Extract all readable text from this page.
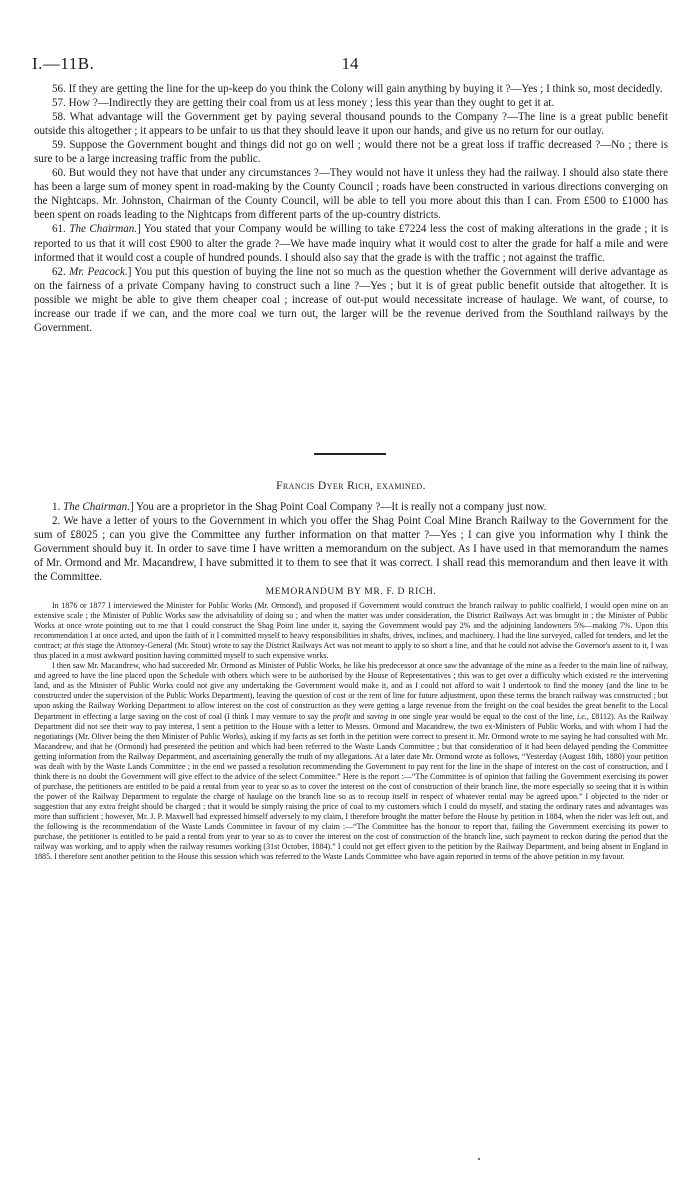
I.—11B.	14

56. If they are getting the line for the up-keep do you think the Colony will gain anything by buying it ?—Yes ; I think so, most decidedly.

57. How ?—Indirectly they are getting their coal from us at less money ; less this year than they ought to get it at.

58. What advantage will the Government get by paying several thousand pounds to the Company ?—The line is a great public benefit outside this altogether ; it appears to be unfair to us that they should leave it upon our hands, and give us no return for our outlay.

59. Suppose the Government bought and things did not go on well ; would there not be a great loss if traffic decreased ?—No ; there is sure to be a large increasing traffic from the public.

60. But would they not have that under any circumstances ?—They would not have it unless they had the railway. I should also state there has been a large sum of money spent in road-making by the County Council ; roads have been constructed in various directions converging on the Nightcaps. Mr. Johnston, Chairman of the County Council, will be able to tell you more about this than I can. From £500 to £1000 has been spent on roads leading to the Nightcaps from different parts of the up-country districts.

61. The Chairman.] You stated that your Company would be willing to take £7224 less the cost of making alterations in the grade ; it is reported to us that it will cost £900 to alter the grade ?—We have made inquiry what it would cost to alter the grade for half a mile and were informed that it would cost a couple of hundred pounds. I should also say that the grade is with the traffic ; not against the traffic.

62. Mr. Peacock.] You put this question of buying the line not so much as the question whether the Government will derive advantage as on the fairness of a private Company having to construct such a line ?—Yes ; but it is of great public benefit outside that altogether. It is possible we might be able to give them cheaper coal ; increase of out-put would necessitate increase of haulage. We want, of course, to increase our trade if we can, and the more coal we turn out, the larger will be the revenue derived from the Southland railways by the Government.

Francis Dyer Rich, examined.

1. The Chairman.] You are a proprietor in the Shag Point Coal Company ?—It is really not a company just now.

2. We have a letter of yours to the Government in which you offer the Shag Point Coal Mine Branch Railway to the Government for the sum of £8025 ; can you give the Committee any further information on that matter ?—Yes ; I can give you information why I think the Government should buy it. In order to save time I have written a memorandum on the subject. As I have used in that memorandum the names of Mr. Ormond and Mr. Macandrew, I have submitted it to them to see that it was correct. I shall read this memorandum and then leave it with the Committee.

MEMORANDUM BY MR. F. D RICH.

In 1876 or 1877 I interviewed the Minister for Public Works (Mr. Ormond), and proposed if Government would construct the branch railway to public coalfield, I would open mine on an extensive scale ; the Minister of Public Works saw the advisability of doing so ; and when the matter was under consideration, the District Railways Act was brought in ; the Minister of Public Works at once wrote pointing out to me that I could construct the Shag Point line under it, saying the Government would pay 2% and the adjoining landowners 5%—making 7%. Upon this recommendation I at once acted, and upon the faith of it I committed myself to heavy responsibilities in shafts, drives, inclines, and machinery. I had the line surveyed, called for tenders, and let the contract; at this stage the Attorney-General (Mr. Stout) wrote to say the District Railways Act was not meant to apply to so short a line, and that he could not advise the Governor's assent to it, I was thus placed in a most awkward position having committed myself to such expensive works.

I then saw Mr. Macandrew, who had succeeded Mr. Ormond as Minister of Public Works, he like his predecessor at once saw the advantage of the mine as a feeder to the main line of railway, and agreed to have the line placed upon the Schedule with others which were to be authorised by the House of Representatives ; this was to get over a difficulty which existed re the intervening land, and as the Minister of Public Works could not give any undertaking the Government would make it, and as I could not afford to wait I undertook to find the money (and the line to be constructed under the supervision of the Public Works Department), leaving the question of cost or the rent of line for future adjustment, upon these terms the branch railway was constructed ; but upon asking the Railway Working Department to allow interest on the cost of construction as they were getting a large revenue from the freight on the coal besides the great benefit to the Local Department in effecting a large saving on the cost of coal (I think I may venture to say the profit and saving in one single year would be equal to the cost of the line, i.e., £8112). As the Railway Department did not see their way to pay interest, I sent a petition to the House with a letter to Messrs. Ormond and Macandrew, the two ex-Ministers of Public Works, and with whom I had the negotiatings (Mr. Oliver being the then Minister of Public Works), asking if my facts as set forth in the petition were correct to present it. Mr. Ormond wrote to me saying he had consulted with Mr. Macandrew, and that he (Ormond) had presented the petition and which had been referred to the Waste Lands Committee ; but that consideration of it had been delayed pending the Committee getting information from the Railway Department, and ascertaining generally the truth of my allegations. At a later date Mr. Ormond wrote as follows, “Yesterday (August 18th, 1880) your petition was dealt with by the Waste Lands Committee ; in the end we passed a resolution recommending the Government to pay rent for the line in the shape of interest on the cost of construction, and I think there is no doubt the Government will give effect to the advice of the select Committee.” Here is the report :—“The Committee is of opinion that failing the Government exercising its power of purchase, the petitioners are entitled to be paid a rental from year to year so as to cover the interest on the cost of construction of their branch line, the more especially so seeing that it is within the power of the Railway Department to regulate the charge of haulage on the branch line so as to recoup itself in respect of whatever rental may be agreed upon.” I objected to the rider or suggestion that any extra freight should be charged ; that it would be simply raising the price of coal to my customers which I could do myself, and stating the ordinary rates and advantages was more than sufficient ; however, Mr. J. P. Maxwell had expressed himself adversely to my claim, I therefore brought the matter before the House by petition in 1884, when the rider was left out, and the following is the recommendation of the Waste Lands Committee in favour of my claim :—“The Committee has the honour to report that, failing the Government exercising its power to purchase, the petitioner is entitled to be paid a rental from year to year so as to cover the interest on the cost of construction of the branch line, such payment to reckon during the period that the railway was working, and to apply when the railway resumes working (31st October, 1884).” I could not get effect given to the petition by the Railway Department, and being absent in England in 1885. I therefore sent another petition to the House this session which was referred to the Waste Lands Committee who have again reported in terms of the above petition in my favour.
